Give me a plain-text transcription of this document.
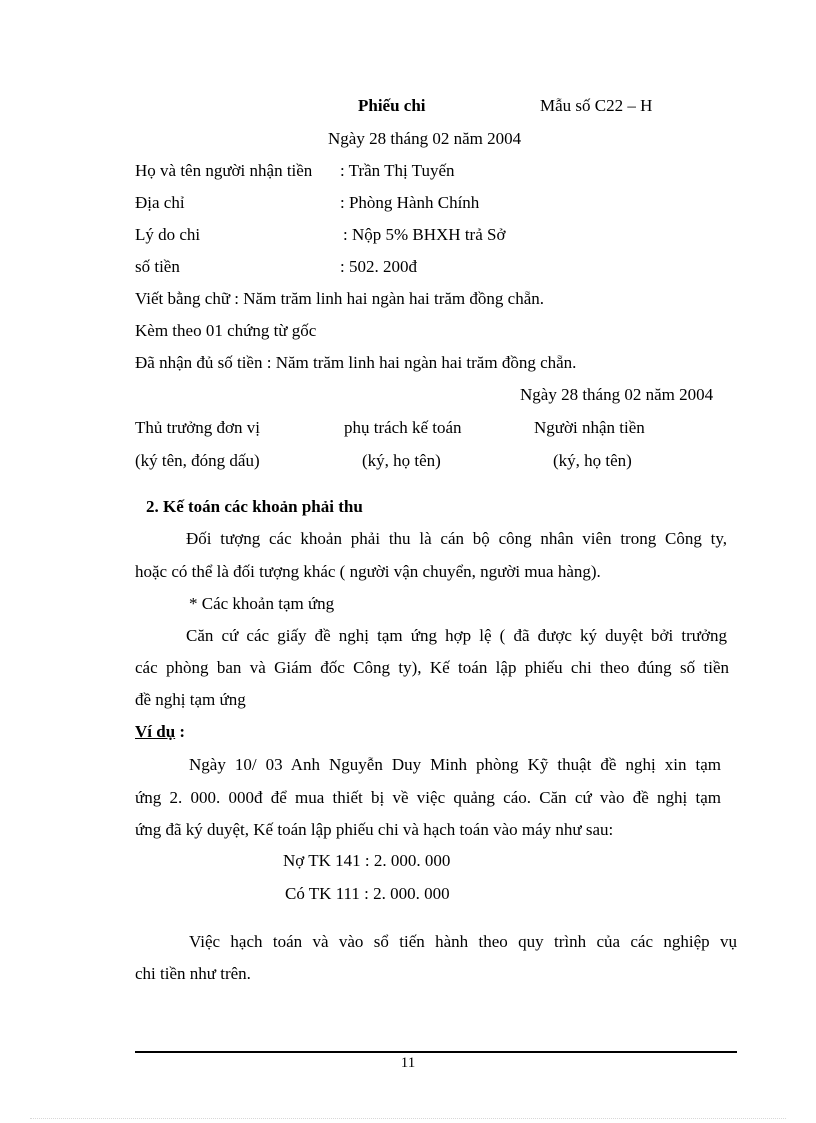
Phiếu chi	Mẫu số C22 – H
Ngày 28 tháng 02 năm 2004
Họ và tên người nhận tiền : Trần Thị Tuyến
Địa chỉ	: Phòng Hành Chính
Lý do chi	: Nộp 5% BHXH trả Sở
số tiền	: 502. 200đ
Viết bằng chữ : Năm trăm linh hai ngàn hai trăm đồng chẵn.
Kèm theo 01 chứng từ gốc
Đã nhận đủ số tiền : Năm trăm linh hai ngàn hai trăm đồng chẵn.
Ngày 28 tháng 02 năm 2004
Thủ trưởng đơn vị	phụ trách kế toán	Người nhận tiền
(ký tên, đóng dấu)	(ký, họ tên)	(ký, họ tên)
2. Kế toán các khoản phải thu
Đối tượng các khoản phải thu là cán bộ công nhân viên trong Công ty,
hoặc có thể là đối tượng khác ( người vận chuyển, người mua hàng).
* Các khoản tạm ứng
Căn cứ các giấy đề nghị tạm ứng hợp lệ ( đã được ký duyệt bởi trưởng
các phòng ban và Giám đốc Công ty), Kế toán lập phiếu chi theo đúng số tiền
đề nghị tạm ứng
Ví dụ :
Ngày 10/ 03 Anh Nguyễn Duy Minh phòng Kỹ thuật đề nghị xin tạm
ứng 2. 000. 000đ để mua thiết bị về việc quảng cáo. Căn cứ vào đề nghị tạm
ứng đã ký duyệt, Kế toán lập phiếu chi và hạch toán vào máy như sau:
Nợ TK 141 : 2. 000. 000
Có TK 111 : 2. 000. 000
Việc hạch toán và vào sổ tiến hành theo quy trình của các nghiệp vụ
chi tiền như trên.
11
